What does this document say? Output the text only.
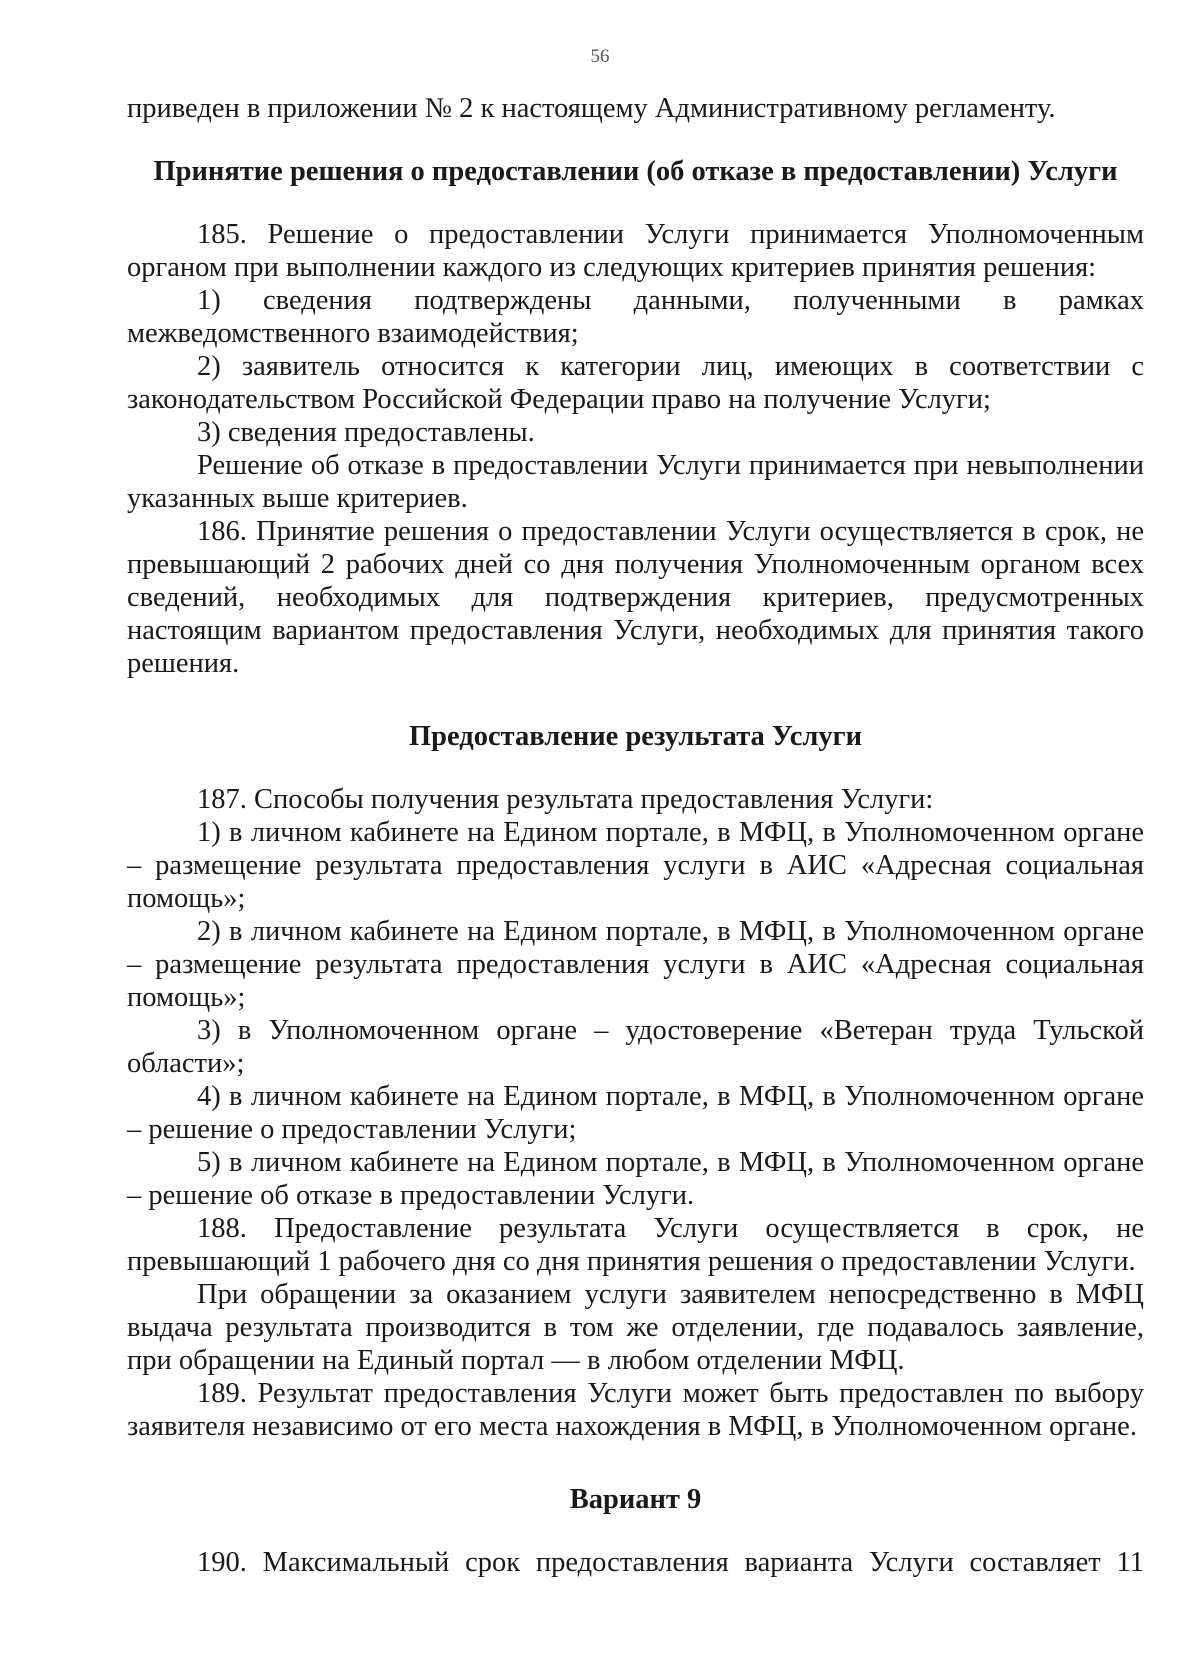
56

приведен в приложении № 2 к настоящему Административному регламенту.

Принятие решения о предоставлении (об отказе в предоставлении) Услуги

185. Решение о предоставлении Услуги принимается Уполномоченным органом при выполнении каждого из следующих критериев принятия решения:

1) сведения подтверждены данными, полученными в рамках межведомственного взаимодействия;

2) заявитель относится к категории лиц, имеющих в соответствии с законодательством Российской Федерации право на получение Услуги;

3) сведения предоставлены.

Решение об отказе в предоставлении Услуги принимается при невыполнении указанных выше критериев.

186. Принятие решения о предоставлении Услуги осуществляется в срок, не превышающий 2 рабочих дней со дня получения Уполномоченным органом всех сведений, необходимых для подтверждения критериев, предусмотренных настоящим вариантом предоставления Услуги, необходимых для принятия такого решения.

Предоставление результата Услуги

187. Способы получения результата предоставления Услуги:

1) в личном кабинете на Едином портале, в МФЦ, в Уполномоченном органе – размещение результата предоставления услуги в АИС «Адресная социальная помощь»;

2) в личном кабинете на Едином портале, в МФЦ, в Уполномоченном органе – размещение результата предоставления услуги в АИС «Адресная социальная помощь»;

3) в Уполномоченном органе – удостоверение «Ветеран труда Тульской области»;

4) в личном кабинете на Едином портале, в МФЦ, в Уполномоченном органе – решение о предоставлении Услуги;

5) в личном кабинете на Едином портале, в МФЦ, в Уполномоченном органе – решение об отказе в предоставлении Услуги.

188. Предоставление результата Услуги осуществляется в срок, не превышающий 1 рабочего дня со дня принятия решения о предоставлении Услуги.

При обращении за оказанием услуги заявителем непосредственно в МФЦ выдача результата производится в том же отделении, где подавалось заявление, при обращении на Единый портал — в любом отделении МФЦ.

189. Результат предоставления Услуги может быть предоставлен по выбору заявителя независимо от его места нахождения в МФЦ, в Уполномоченном органе.

Вариант 9

190. Максимальный срок предоставления варианта Услуги составляет 11
